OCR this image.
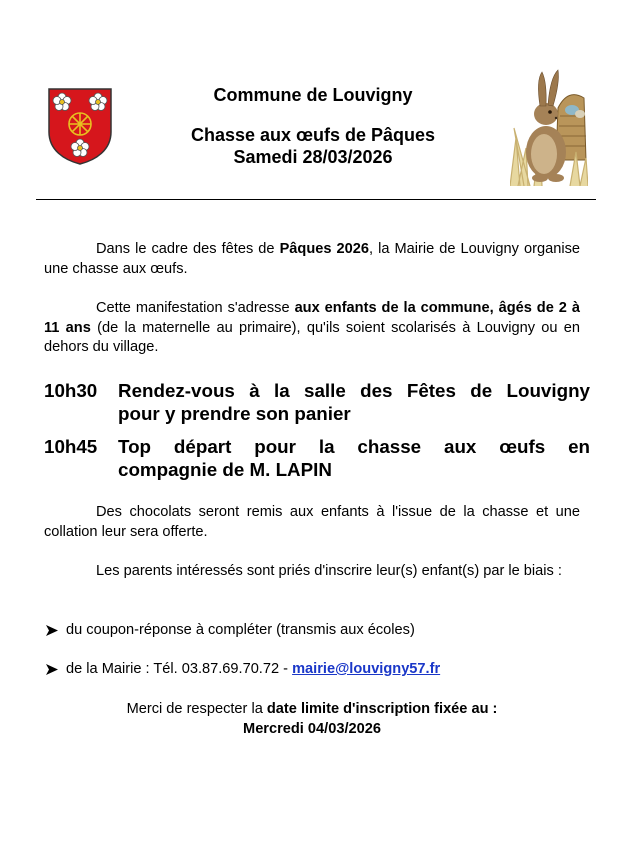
Commune de Louvigny
Chasse aux œufs de Pâques
Samedi 28/03/2026
Dans le cadre des fêtes de Pâques 2026, la Mairie de Louvigny organise une chasse aux œufs.
Cette manifestation s'adresse aux enfants de la commune, âgés de 2 à 11 ans (de la maternelle au primaire), qu'ils soient scolarisés à Louvigny ou en dehors du village.
10h30 Rendez-vous à la salle des Fêtes de Louvigny
pour y prendre son panier
10h45 Top départ pour la chasse aux œufs en
compagnie de M. LAPIN
Des chocolats seront remis aux enfants à l'issue de la chasse et une collation leur sera offerte.
Les parents intéressés sont priés d'inscrire leur(s) enfant(s) par le biais :
du coupon-réponse à compléter (transmis aux écoles)
de la Mairie : Tél. 03.87.69.70.72 - mairie@louvigny57.fr
Merci de respecter la date limite d'inscription fixée au :
Mercredi 04/03/2026
